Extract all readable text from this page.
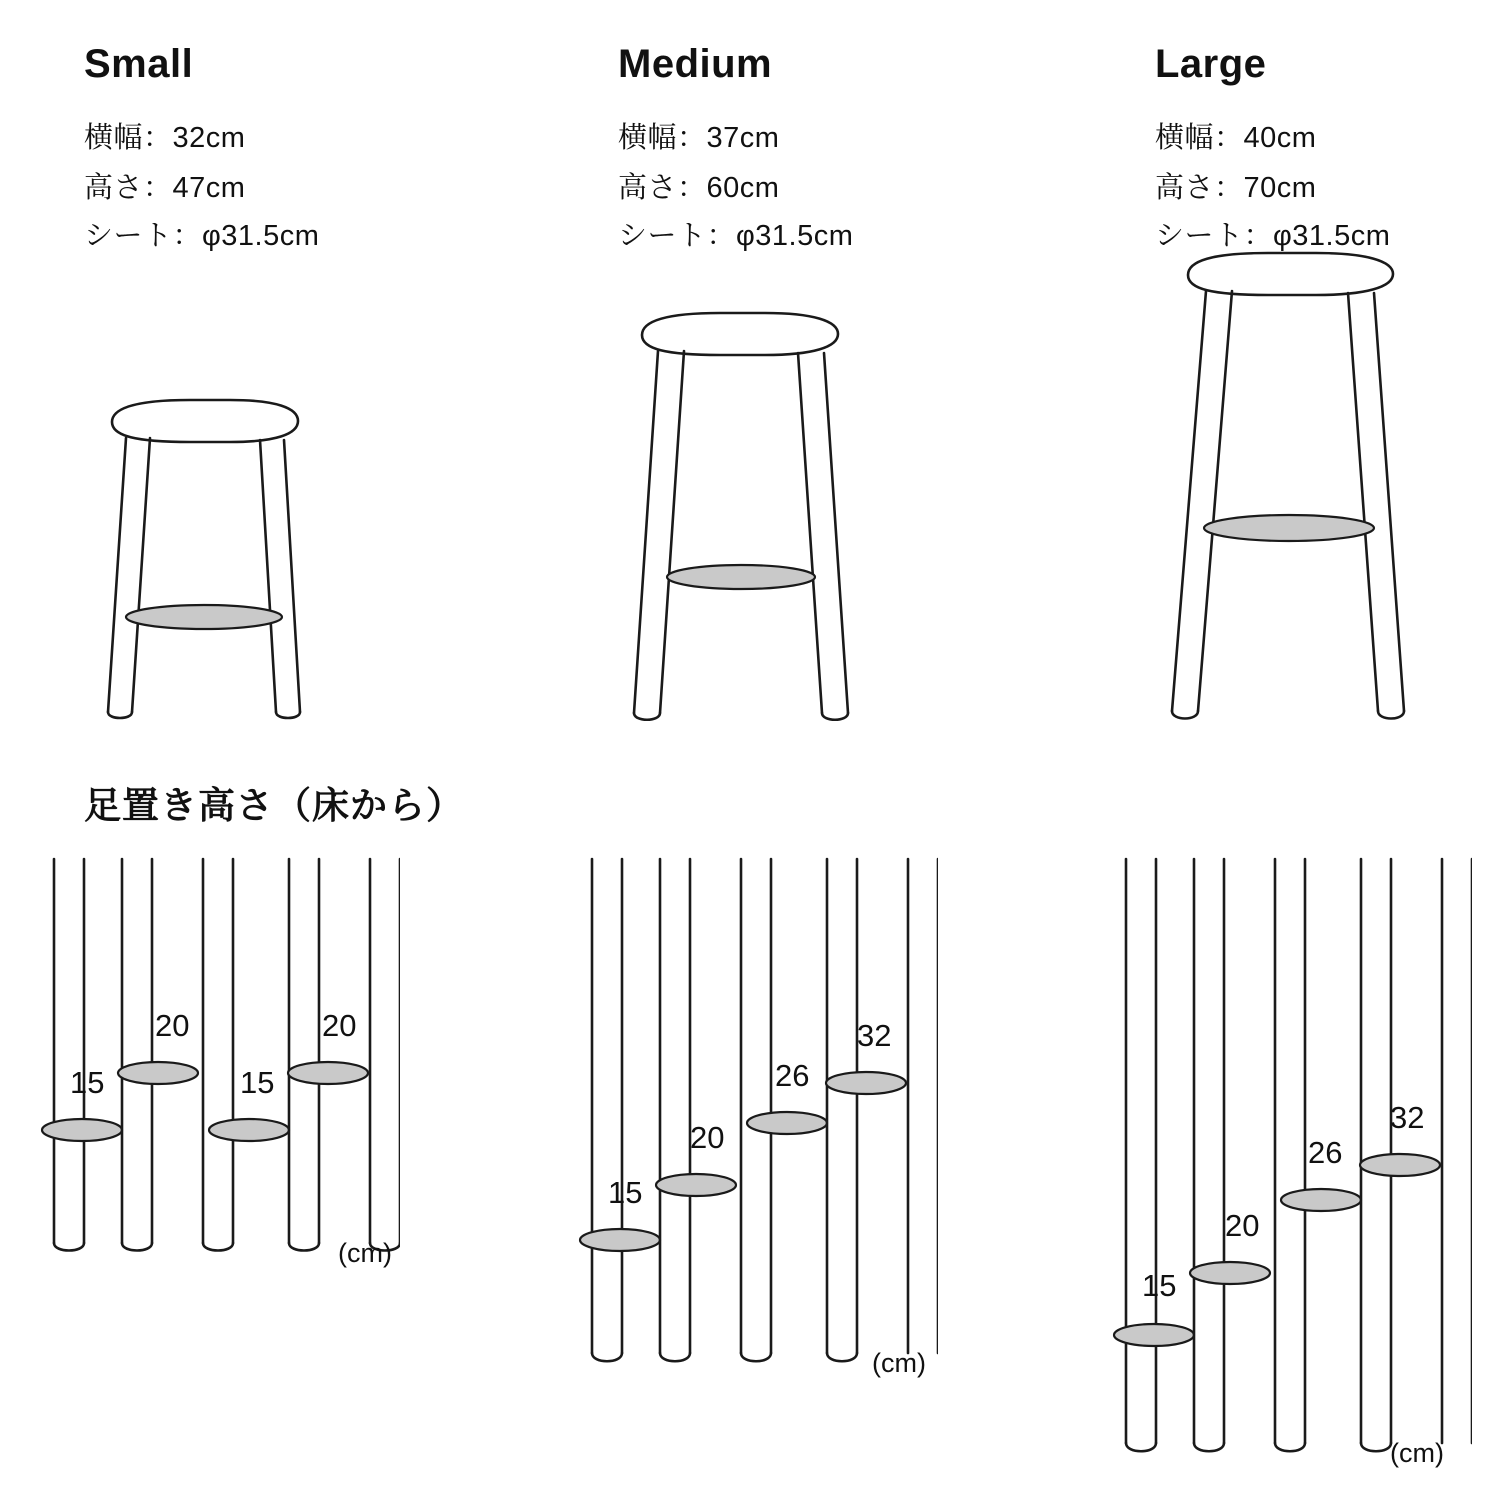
Small
横幅：32cm
高さ：47cm
シート：φ31.5cm
Medium
横幅：37cm
高さ：60cm
シート：φ31.5cm
Large
横幅：40cm
高さ：70cm
シート：φ31.5cm
足置き高さ（床から）
15
20
15
20
(cm)
15
20
26
32
(cm)
15
20
26
32
(cm)
